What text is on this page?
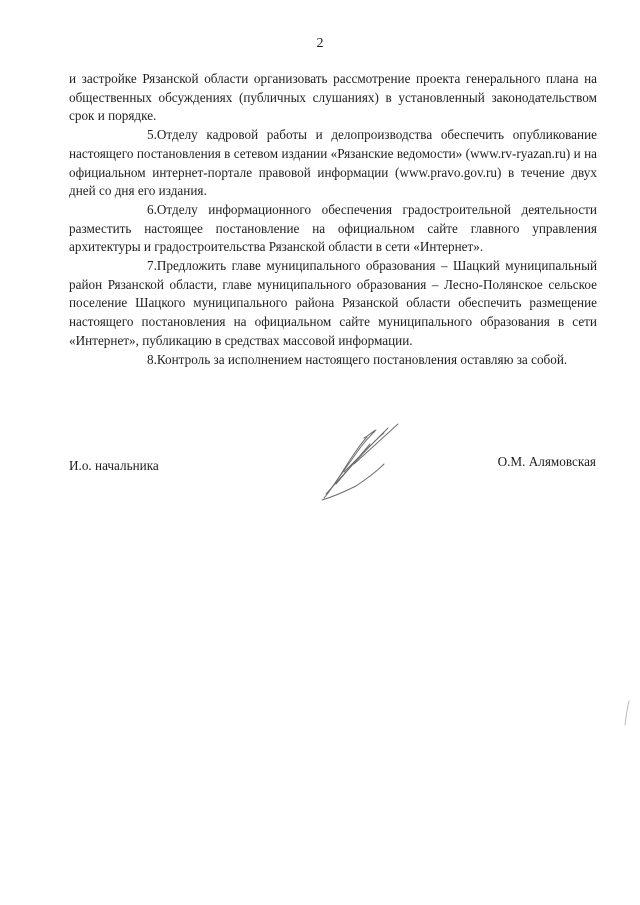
2

и застройке Рязанской области организовать рассмотрение проекта генерального плана на общественных обсуждениях (публичных слушаниях) в установленный законодательством срок и порядке.

5.Отделу кадровой работы и делопроизводства обеспечить опубликование настоящего постановления в сетевом издании «Рязанские ведомости» (www.rv-ryazan.ru) и на официальном интернет-портале правовой информации (www.pravo.gov.ru) в течение двух дней со дня его издания.

6.Отделу информационного обеспечения градостроительной деятельности разместить настоящее постановление на официальном сайте главного управления архитектуры и градостроительства Рязанской области в сети «Интернет».

7.Предложить главе муниципального образования – Шацкий муниципальный район Рязанской области, главе муниципального образования – Лесно-Полянское сельское поселение Шацкого муниципального района Рязанской области обеспечить размещение настоящего постановления на официальном сайте муниципального образования в сети «Интернет», публикацию в средствах массовой информации.

8.Контроль за исполнением настоящего постановления оставляю за собой.

И.о. начальника	О.М. Алямовская
